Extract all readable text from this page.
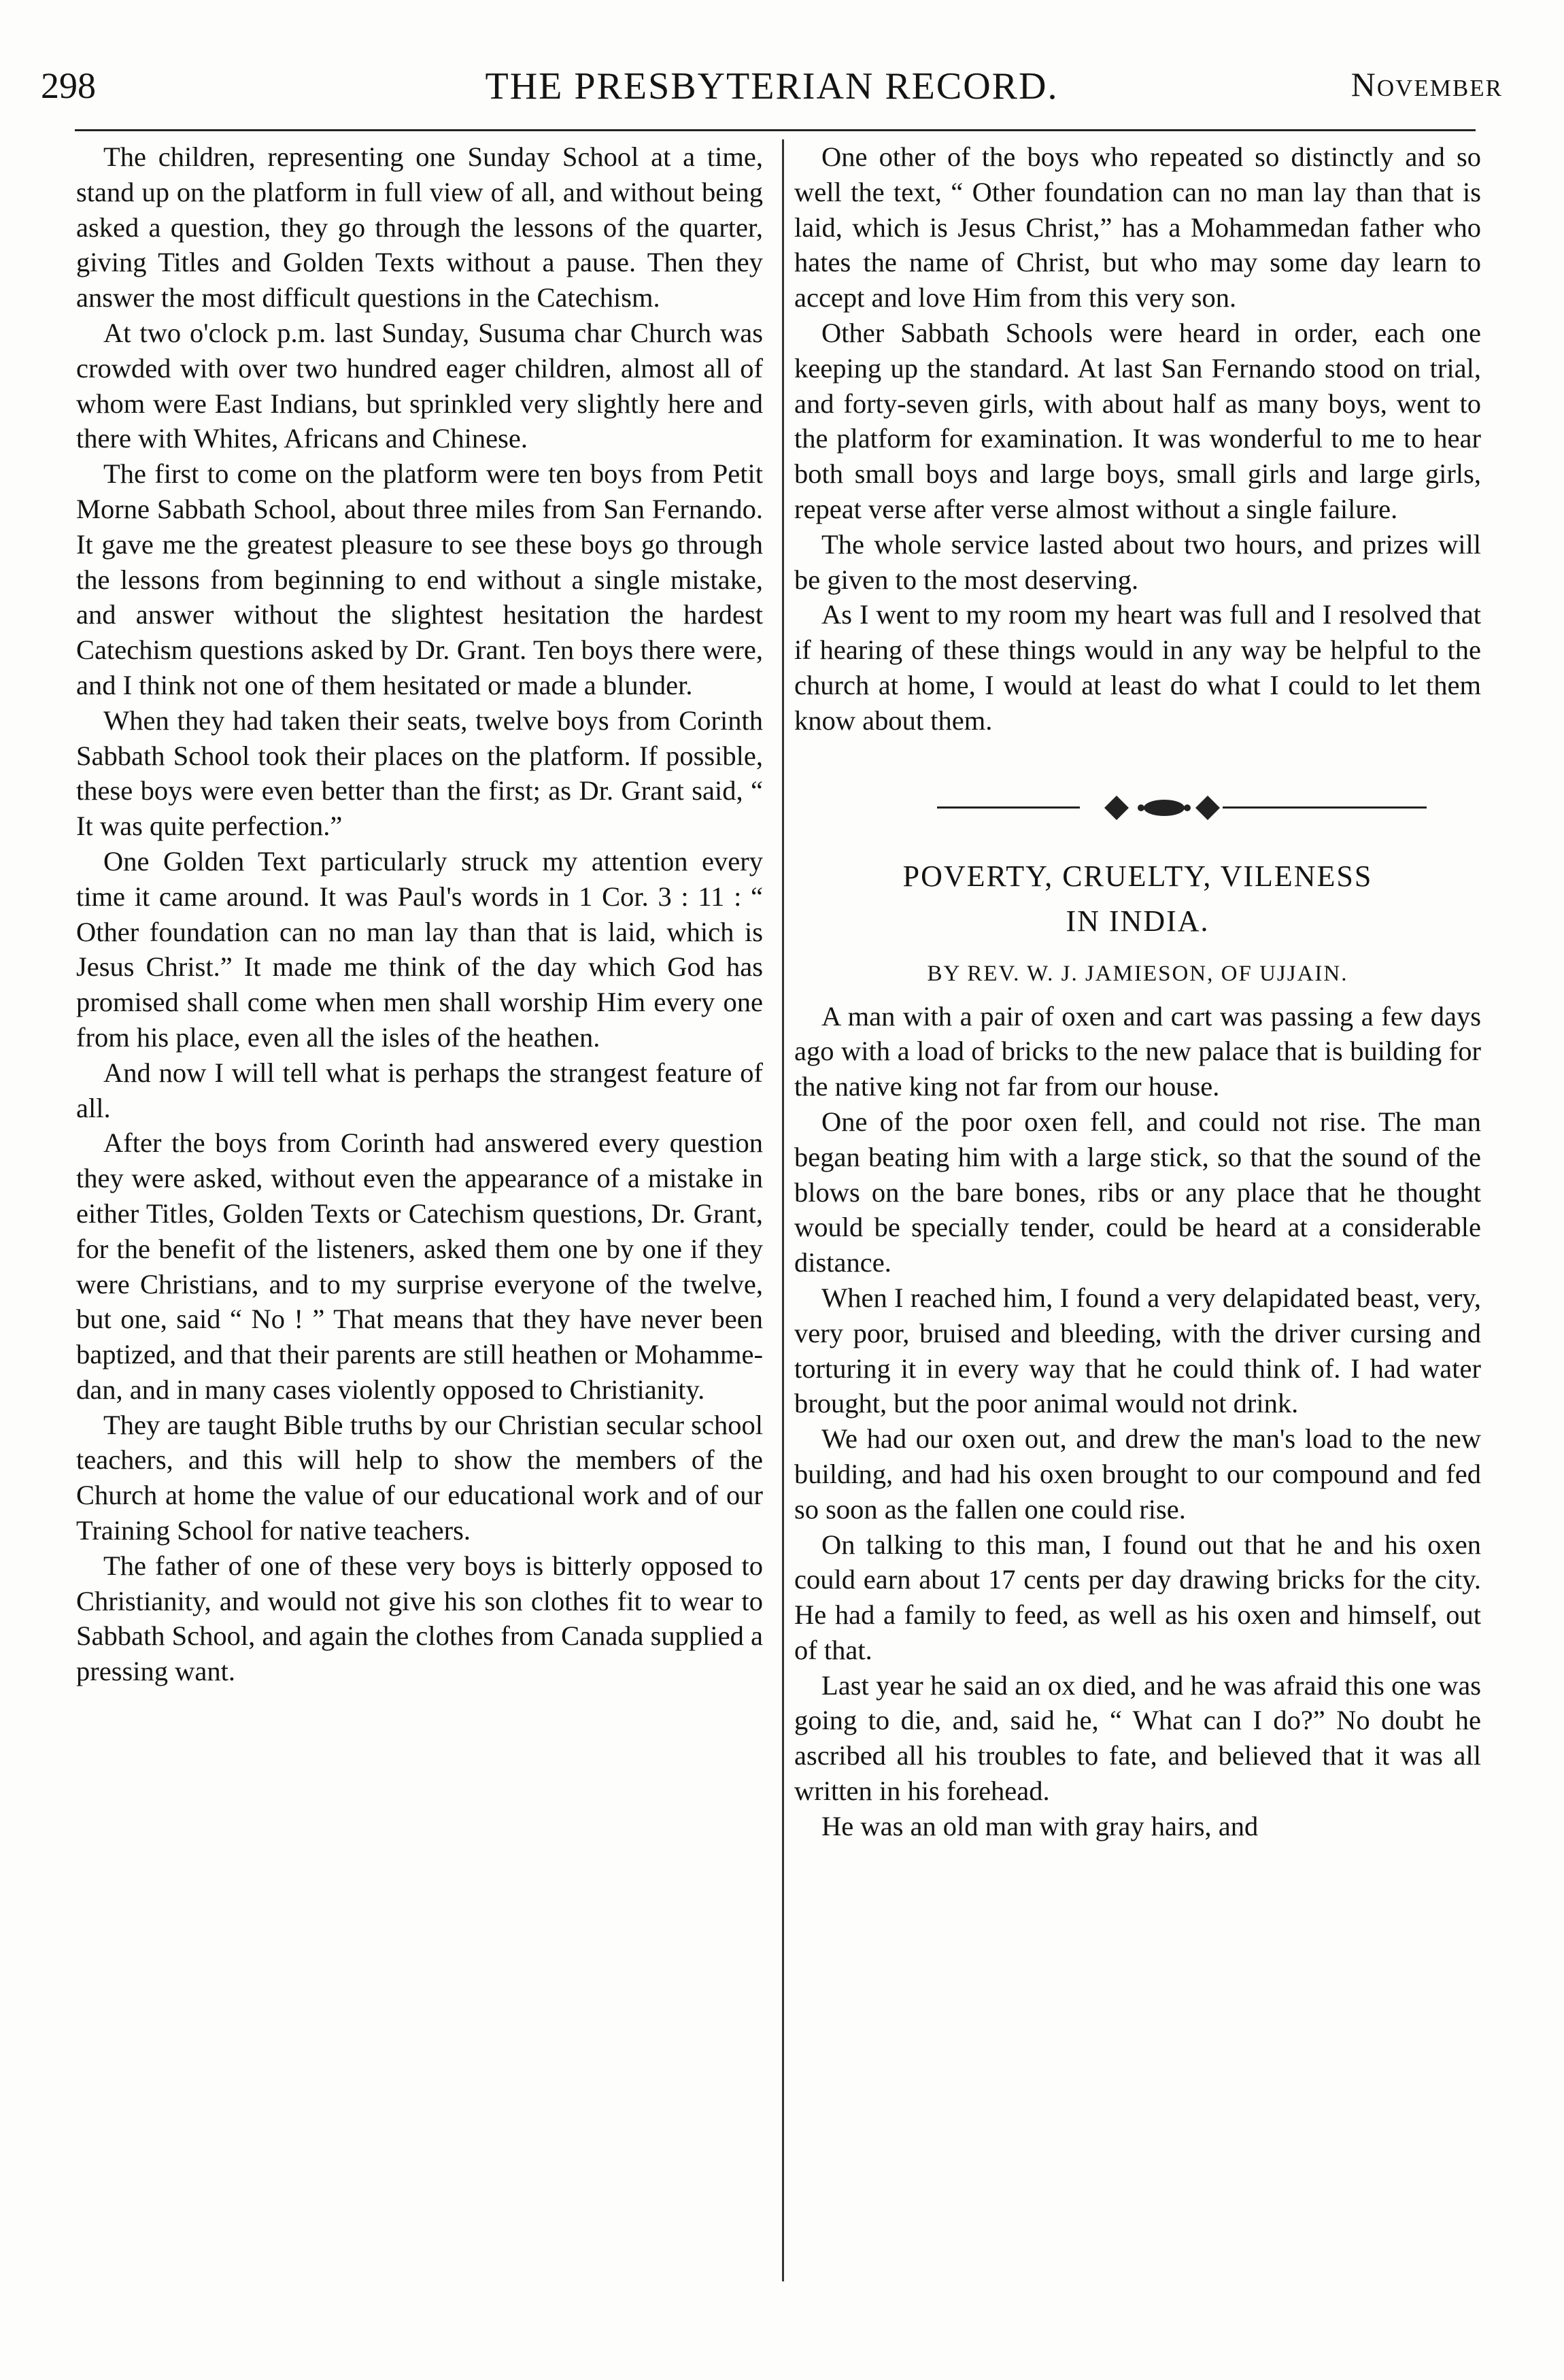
298	THE PRESBYTERIAN RECORD.	November

The children, representing one Sunday School at a time, stand up on the platform in full view of all, and without being asked a question, they go through the lessons of the quarter, giving Titles and Golden Texts without a pause. Then they answer the most difficult questions in the Catechism.

At two o'clock p.m. last Sunday, Susuma char Church was crowded with over two hundred eager children, almost all of whom were East Indians, but sprinkled very slightly here and there with Whites, Africans and Chinese.

The first to come on the platform were ten boys from Petit Morne Sabbath School, about three miles from San Fernando. It gave me the greatest pleasure to see these boys go through the lessons from beginning to end without a single mistake, and answer without the slightest hesitation the hardest Catechism questions asked by Dr. Grant. Ten boys there were, and I think not one of them hesitated or made a blunder.

When they had taken their seats, twelve boys from Corinth Sabbath School took their places on the platform. If possible, these boys were even better than the first; as Dr. Grant said, “ It was quite perfection.”

One Golden Text particularly struck my attention every time it came around. It was Paul's words in 1 Cor. 3 : 11 : “ Other foundation can no man lay than that is laid, which is Jesus Christ.” It made me think of the day which God has promised shall come when men shall worship Him every one from his place, even all the isles of the heathen.

And now I will tell what is perhaps the strangest feature of all.

After the boys from Corinth had answered every question they were asked, without even the appearance of a mistake in either Titles, Golden Texts or Catechism questions, Dr. Grant, for the benefit of the listeners, asked them one by one if they were Christians, and to my surprise everyone of the twelve, but one, said “ No ! ” That means that they have never been baptized, and that their parents are still heathen or Mohammedan, and in many cases violently opposed to Christianity.

They are taught Bible truths by our Christian secular school teachers, and this will help to show the members of the Church at home the value of our educational work and of our Training School for native teachers.

The father of one of these very boys is bitterly opposed to Christianity, and would not give his son clothes fit to wear to Sabbath School, and again the clothes from Canada supplied a pressing want.

One other of the boys who repeated so distinctly and so well the text, “ Other foundation can no man lay than that is laid, which is Jesus Christ,” has a Mohammedan father who hates the name of Christ, but who may some day learn to accept and love Him from this very son.

Other Sabbath Schools were heard in order, each one keeping up the standard. At last San Fernando stood on trial, and forty-seven girls, with about half as many boys, went to the platform for examination. It was wonderful to me to hear both small boys and large boys, small girls and large girls, repeat verse after verse almost without a single failure.

The whole service lasted about two hours, and prizes will be given to the most deserving.

As I went to my room my heart was full and I resolved that if hearing of these things would in any way be helpful to the church at home, I would at least do what I could to let them know about them.

POVERTY, CRUELTY, VILENESS
IN INDIA.
BY REV. W. J. JAMIESON, OF UJJAIN.

A man with a pair of oxen and cart was passing a few days ago with a load of bricks to the new palace that is building for the native king not far from our house.

One of the poor oxen fell, and could not rise. The man began beating him with a large stick, so that the sound of the blows on the bare bones, ribs or any place that he thought would be specially tender, could be heard at a considerable distance.

When I reached him, I found a very delapidated beast, very, very poor, bruised and bleeding, with the driver cursing and torturing it in every way that he could think of. I had water brought, but the poor animal would not drink.

We had our oxen out, and drew the man's load to the new building, and had his oxen brought to our compound and fed so soon as the fallen one could rise.

On talking to this man, I found out that he and his oxen could earn about 17 cents per day drawing bricks for the city. He had a family to feed, as well as his oxen and himself, out of that.

Last year he said an ox died, and he was afraid this one was going to die, and, said he, “ What can I do?” No doubt he ascribed all his troubles to fate, and believed that it was all written in his forehead.

He was an old man with gray hairs, and
